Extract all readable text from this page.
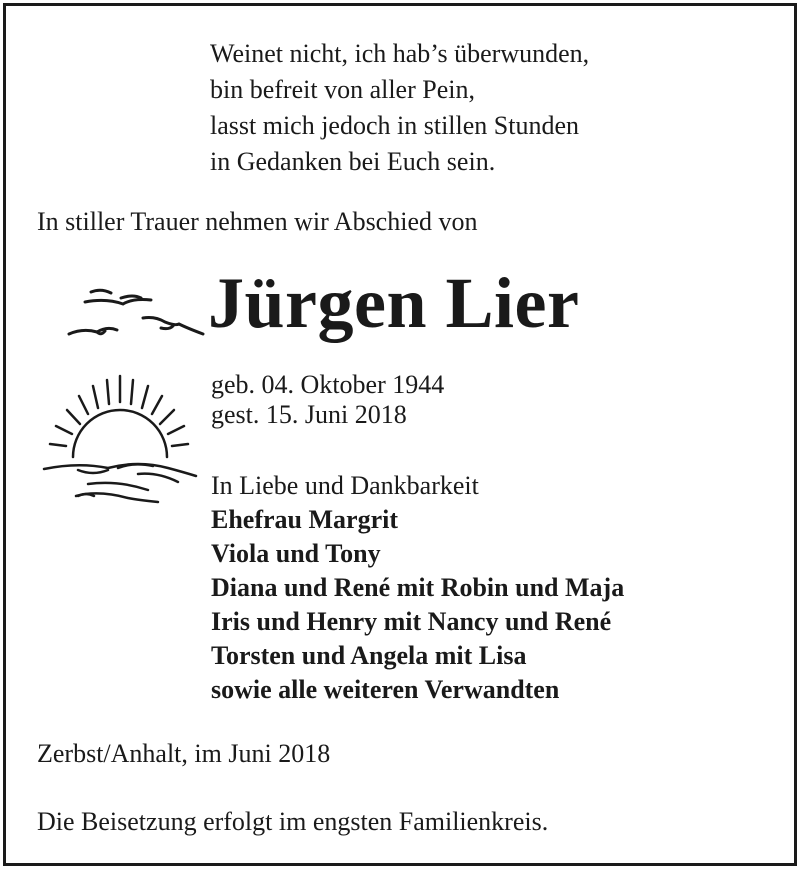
Weinet nicht, ich hab’s überwunden,
bin befreit von aller Pein,
lasst mich jedoch in stillen Stunden
in Gedanken bei Euch sein.
In stiller Trauer nehmen wir Abschied von
Jürgen Lier
geb. 04. Oktober 1944
gest. 15. Juni 2018
In Liebe und Dankbarkeit
Ehefrau Margrit
Viola und Tony
Diana und René mit Robin und Maja
Iris und Henry mit Nancy und René
Torsten und Angela mit Lisa
sowie alle weiteren Verwandten
Zerbst/Anhalt, im Juni 2018
Die Beisetzung erfolgt im engsten Familienkreis.
